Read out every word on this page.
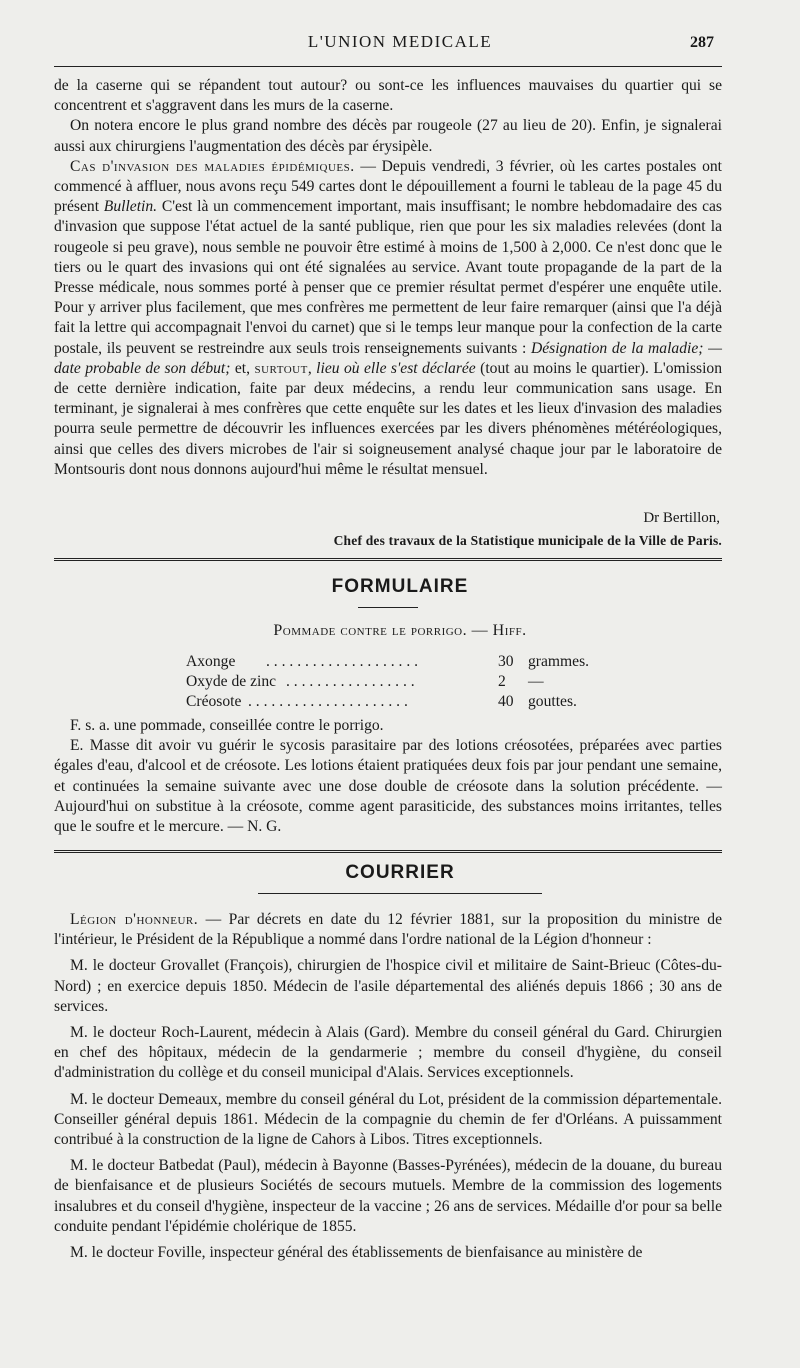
L'UNION MEDICALE	287

de la caserne qui se répandent tout autour? ou sont-ce les influences mauvaises du quartier qui se concentrent et s'aggravent dans les murs de la caserne.

On notera encore le plus grand nombre des décès par rougeole (27 au lieu de 20). Enfin, je signalerai aussi aux chirurgiens l'augmentation des décès par érysipèle.

Cas d'invasion des maladies épidémiques. — Depuis vendredi, 3 février, où les cartes postales ont commencé à affluer, nous avons reçu 549 cartes dont le dépouillement a fourni le tableau de la page 45 du présent Bulletin. C'est là un commencement important, mais insuffisant; le nombre hebdomadaire des cas d'invasion que suppose l'état actuel de la santé publique, rien que pour les six maladies relevées (dont la rougeole si peu grave), nous semble ne pouvoir être estimé à moins de 1,500 à 2,000. Ce n'est donc que le tiers ou le quart des invasions qui ont été signalées au service. Avant toute propagande de la part de la Presse médicale, nous sommes porté à penser que ce premier résultat permet d'espérer une enquête utile. Pour y arriver plus facilement, que mes confrères me permettent de leur faire remarquer (ainsi que l'a déjà fait la lettre qui accompagnait l'envoi du carnet) que si le temps leur manque pour la confection de la carte postale, ils peuvent se restreindre aux seuls trois renseignements suivants : Désignation de la maladie; — date probable de son début; et, surtout, lieu où elle s'est déclarée (tout au moins le quartier). L'omission de cette dernière indication, faite par deux médecins, a rendu leur communication sans usage. En terminant, je signalerai à mes confrères que cette enquête sur les dates et les lieux d'invasion des maladies pourra seule permettre de découvrir les influences exercées par les divers phénomènes météréologiques, ainsi que celles des divers microbes de l'air si soigneusement analysé chaque jour par le laboratoire de Montsouris dont nous donnons aujourd'hui même le résultat mensuel.

Dr Bertillon,
Chef des travaux de la Statistique municipale de la Ville de Paris.
FORMULAIRE
Pommade contre le porrigo. — Hiff.
. . . . . . . . . . . . . . . . . . . .
Axonge	30 grammes.
. . . . . . . . . . . . . . . . .
Oxyde de zinc	2 —
. . . . . . . . . . . . . . . . . . . . .
Créosote	40 gouttes.

F. s. a. une pommade, conseillée contre le porrigo.

E. Masse dit avoir vu guérir le sycosis parasitaire par des lotions créosotées, préparées avec parties égales d'eau, d'alcool et de créosote. Les lotions étaient pratiquées deux fois par jour pendant une semaine, et continuées la semaine suivante avec une dose double de créosote dans la solution précédente. — Aujourd'hui on substitue à la créosote, comme agent parasiticide, des substances moins irritantes, telles que le soufre et le mercure. — N. G.

COURRIER

Légion d'honneur. — Par décrets en date du 12 février 1881, sur la proposition du ministre de l'intérieur, le Président de la République a nommé dans l'ordre national de la Légion d'honneur :

M. le docteur Grovallet (François), chirurgien de l'hospice civil et militaire de Saint-Brieuc (Côtes-du-Nord) ; en exercice depuis 1850. Médecin de l'asile départemental des aliénés depuis 1866 ; 30 ans de services.

M. le docteur Roch-Laurent, médecin à Alais (Gard). Membre du conseil général du Gard. Chirurgien en chef des hôpitaux, médecin de la gendarmerie ; membre du conseil d'hygiène, du conseil d'administration du collège et du conseil municipal d'Alais. Services exceptionnels.

M. le docteur Demeaux, membre du conseil général du Lot, président de la commission départementale. Conseiller général depuis 1861. Médecin de la compagnie du chemin de fer d'Orléans. A puissamment contribué à la construction de la ligne de Cahors à Libos. Titres exceptionnels.

M. le docteur Batbedat (Paul), médecin à Bayonne (Basses-Pyrénées), médecin de la douane, du bureau de bienfaisance et de plusieurs Sociétés de secours mutuels. Membre de la commission des logements insalubres et du conseil d'hygiène, inspecteur de la vaccine ; 26 ans de services. Médaille d'or pour sa belle conduite pendant l'épidémie cholérique de 1855.

M. le docteur Foville, inspecteur général des établissements de bienfaisance au ministère de
